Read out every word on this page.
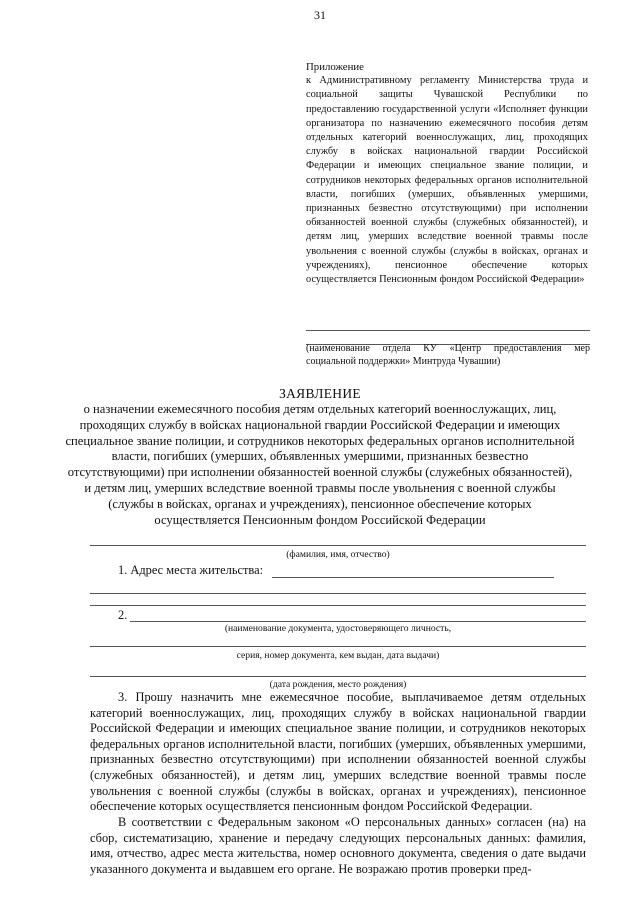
31
Приложение
к Административному регламенту Министерства труда и социальной защиты Чувашской Республики по предоставлению государственной услуги «Исполняет функции организатора по назначению ежемесячного пособия детям отдельных категорий военнослужащих, лиц, проходящих службу в войсках национальной гвардии Российской Федерации и имеющих специальное звание полиции, и сотрудников некоторых федеральных органов исполнительной власти, погибших (умерших, объявленных умершими, признанных безвестно отсутствующими) при исполнении обязанностей военной службы (служебных обязанностей), и детям лиц, умерших вследствие военной травмы после увольнения с военной службы (службы в войсках, органах и учреждениях), пенсионное обеспечение которых осуществляется Пенсионным фондом Российской Федерации»
(наименование отдела КУ «Центр предоставления мер социальной поддержки» Минтруда Чувашии)
ЗАЯВЛЕНИЕ
о назначении ежемесячного пособия детям отдельных категорий военнослужащих, лиц, проходящих службу в войсках национальной гвардии Российской Федерации и имеющих специальное звание полиции, и сотрудников некоторых федеральных органов исполнительной власти, погибших (умерших, объявленных умершими, признанных безвестно отсутствующими) при исполнении обязанностей военной службы (служебных обязанностей), и детям лиц, умерших вследствие военной травмы после увольнения с военной службы (службы в войсках, органах и учреждениях), пенсионное обеспечение которых осуществляется Пенсионным фондом Российской Федерации
(фамилия, имя, отчество)
1. Адрес места жительства:
2.
(наименование документа, удостоверяющего личность,
серия, номер документа, кем выдан, дата выдачи)
(дата рождения, место рождения)
3. Прошу назначить мне ежемесячное пособие, выплачиваемое детям отдельных категорий военнослужащих, лиц, проходящих службу в войсках национальной гвардии Российской Федерации и имеющих специальное звание полиции, и сотрудников некоторых федеральных органов исполнительной власти, погибших (умерших, объявленных умершими, признанных безвестно отсутствующими) при исполнении обязанностей военной службы (служебных обязанностей), и детям лиц, умерших вследствие военной травмы после увольнения с военной службы (службы в войсках, органах и учреждениях), пенсионное обеспечение которых осуществляется пенсионным фондом Российской Федерации.
В соответствии с Федеральным законом «О персональных данных» согласен (на) на сбор, систематизацию, хранение и передачу следующих персональных данных: фамилия, имя, отчество, адрес места жительства, номер основного документа, сведения о дате выдачи указанного документа и выдавшем его органе. Не возражаю против проверки пред-
